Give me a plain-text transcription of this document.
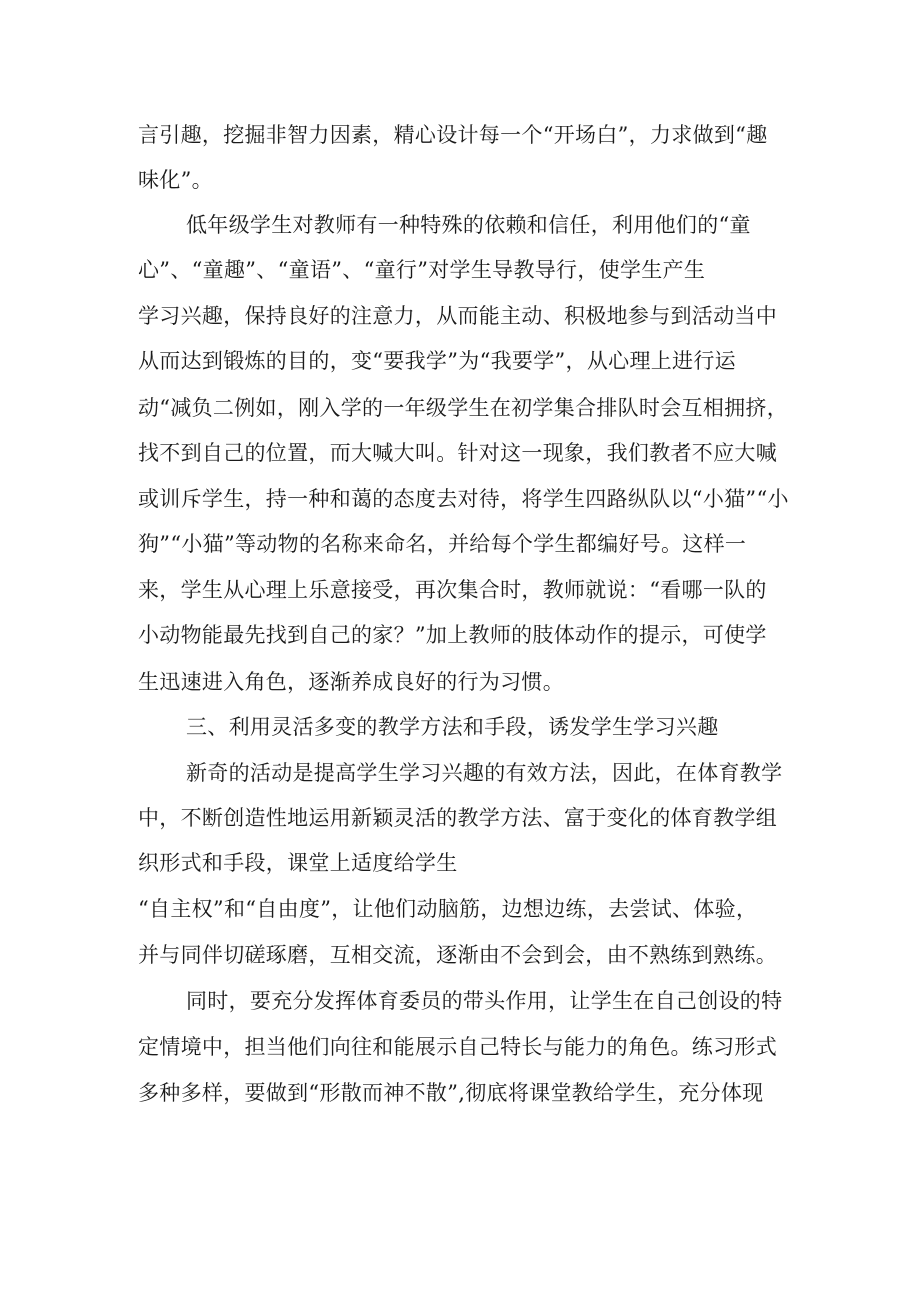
言引趣，挖掘非智力因素，精心设计每一个“开场白”，力求做到“趣
味化”。
低年级学生对教师有一种特殊的依赖和信任，利用他们的“童
心”、“童趣”、“童语”、“童行”对学生导教导行，使学生产生
学习兴趣，保持良好的注意力，从而能主动、积极地参与到活动当中
从而达到锻炼的目的，变“要我学”为“我要学”，从心理上进行运
动“减负二例如，刚入学的一年级学生在初学集合排队时会互相拥挤，
找不到自己的位置，而大喊大叫。针对这一现象，我们教者不应大喊
或训斥学生，持一种和蔼的态度去对待，将学生四路纵队以“小猫”“小
狗”“小猫”等动物的名称来命名，并给每个学生都编好号。这样一
来，学生从心理上乐意接受，再次集合时，教师就说：“看哪一队的
小动物能最先找到自己的家？”加上教师的肢体动作的提示，可使学
生迅速进入角色，逐渐养成良好的行为习惯。
三、利用灵活多变的教学方法和手段，诱发学生学习兴趣
新奇的活动是提高学生学习兴趣的有效方法，因此，在体育教学
中，不断创造性地运用新颖灵活的教学方法、富于变化的体育教学组
织形式和手段，课堂上适度给学生
“自主权”和“自由度”，让他们动脑筋，边想边练，去尝试、体验，
并与同伴切磋琢磨，互相交流，逐渐由不会到会，由不熟练到熟练。
同时，要充分发挥体育委员的带头作用，让学生在自己创设的特
定情境中，担当他们向往和能展示自己特长与能力的角色。练习形式
多种多样，要做到“形散而神不散”,彻底将课堂教给学生，充分体现
